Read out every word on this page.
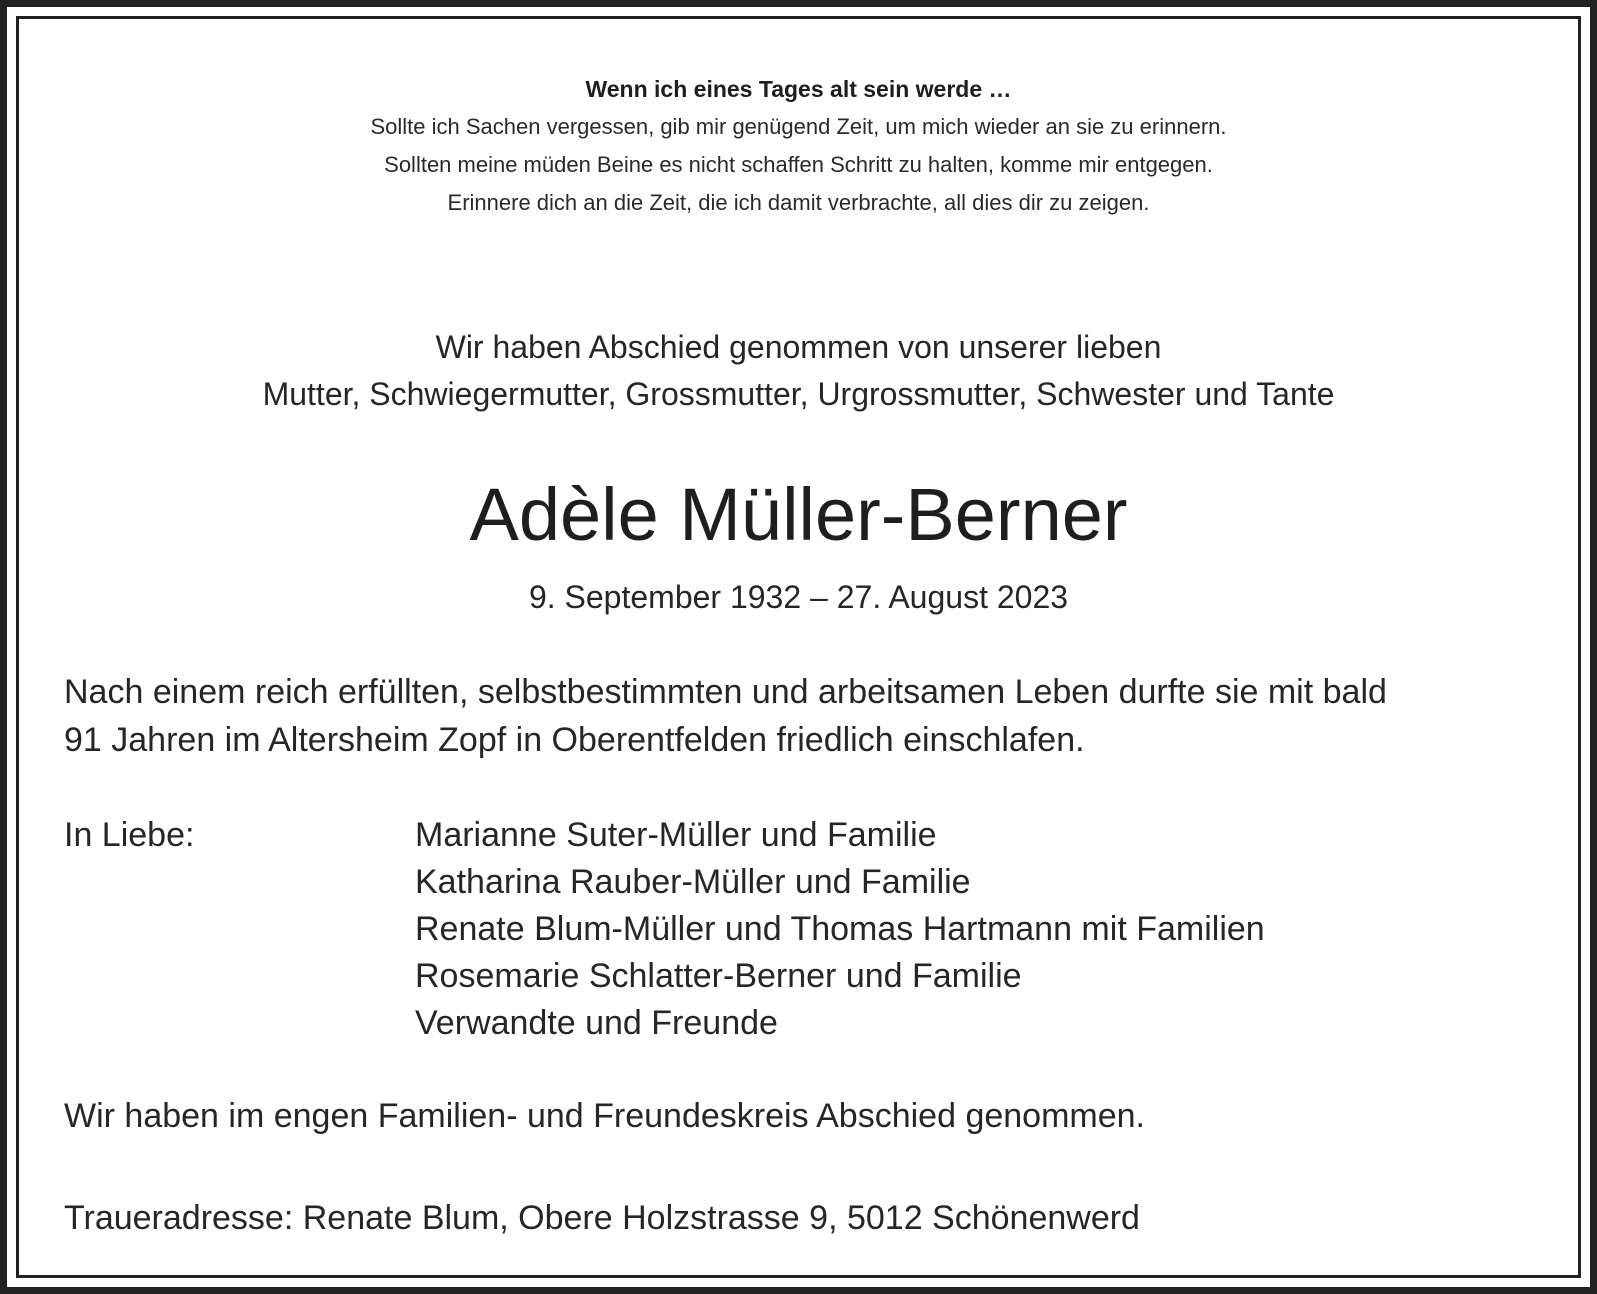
Wenn ich eines Tages alt sein werde …
Sollte ich Sachen vergessen, gib mir genügend Zeit, um mich wieder an sie zu erinnern.
Sollten meine müden Beine es nicht schaffen Schritt zu halten, komme mir entgegen.
Erinnere dich an die Zeit, die ich damit verbrachte, all dies dir zu zeigen.
Wir haben Abschied genommen von unserer lieben
Mutter, Schwiegermutter, Grossmutter, Urgrossmutter, Schwester und Tante
Adèle Müller-Berner
9. September 1932 – 27. August 2023
Nach einem reich erfüllten, selbstbestimmten und arbeitsamen Leben durfte sie mit bald
91 Jahren im Altersheim Zopf in Oberentfelden friedlich einschlafen.
In Liebe:	Marianne Suter-Müller und Familie
Katharina Rauber-Müller und Familie
Renate Blum-Müller und Thomas Hartmann mit Familien
Rosemarie Schlatter-Berner und Familie
Verwandte und Freunde
Wir haben im engen Familien- und Freundeskreis Abschied genommen.
Traueradresse: Renate Blum, Obere Holzstrasse 9, 5012 Schönenwerd
